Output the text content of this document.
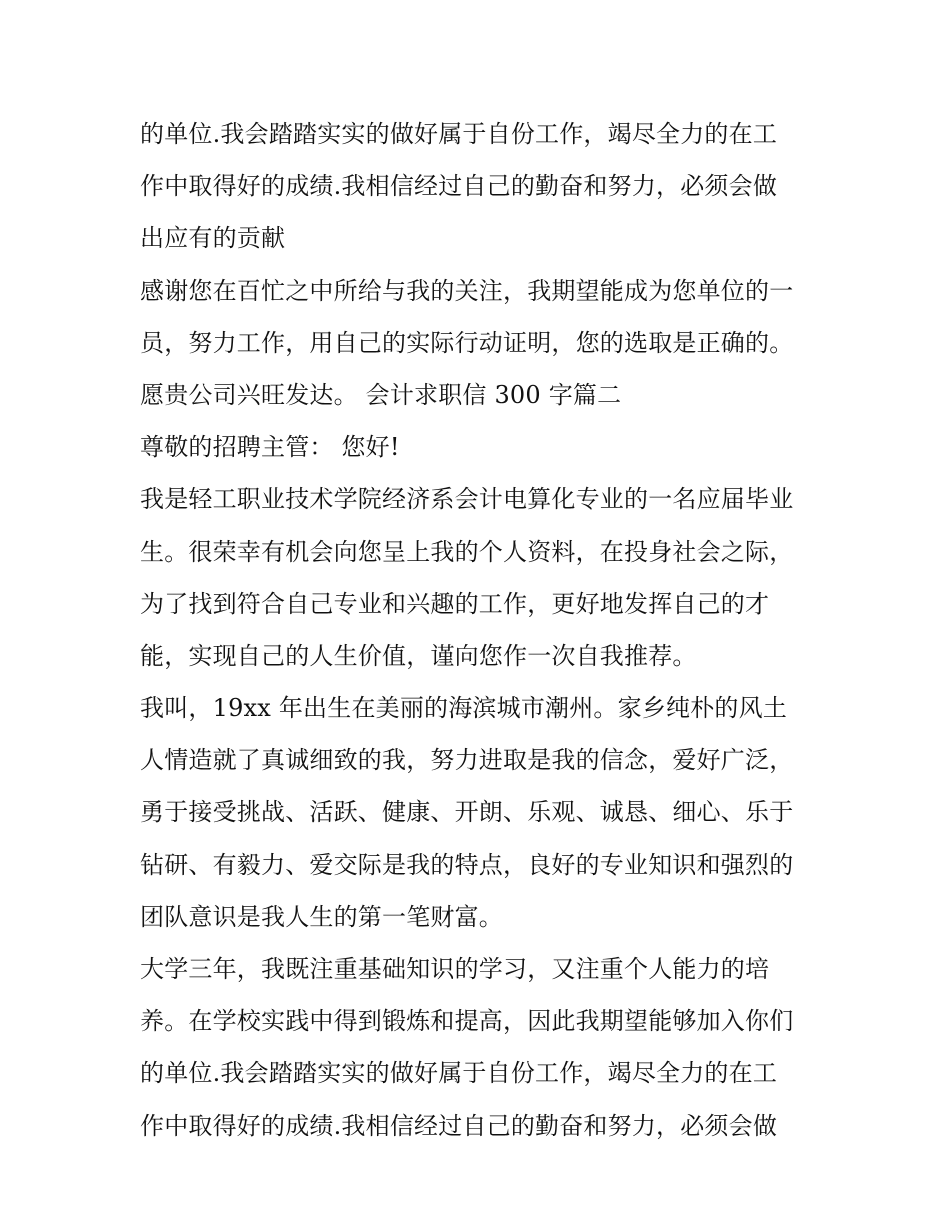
的单位.我会踏踏实实的做好属于自份工作，竭尽全力的在工
作中取得好的成绩.我相信经过自己的勤奋和努力，必须会做
出应有的贡献
感谢您在百忙之中所给与我的关注，我期望能成为您单位的一
员，努力工作，用自己的实际行动证明，您的选取是正确的。
愿贵公司兴旺发达。 会计求职信 300 字篇二
尊敬的招聘主管： 您好!
我是轻工职业技术学院经济系会计电算化专业的一名应届毕业
生。很荣幸有机会向您呈上我的个人资料，在投身社会之际，
为了找到符合自己专业和兴趣的工作，更好地发挥自己的才
能，实现自己的人生价值，谨向您作一次自我推荐。
我叫，19xx 年出生在美丽的海滨城市潮州。家乡纯朴的风土
人情造就了真诚细致的我，努力进取是我的信念，爱好广泛，
勇于接受挑战、活跃、健康、开朗、乐观、诚恳、细心、乐于
钻研、有毅力、爱交际是我的特点，良好的专业知识和强烈的
团队意识是我人生的第一笔财富。
大学三年，我既注重基础知识的学习，又注重个人能力的培
养。在学校实践中得到锻炼和提高，因此我期望能够加入你们
的单位.我会踏踏实实的做好属于自份工作，竭尽全力的在工
作中取得好的成绩.我相信经过自己的勤奋和努力，必须会做
